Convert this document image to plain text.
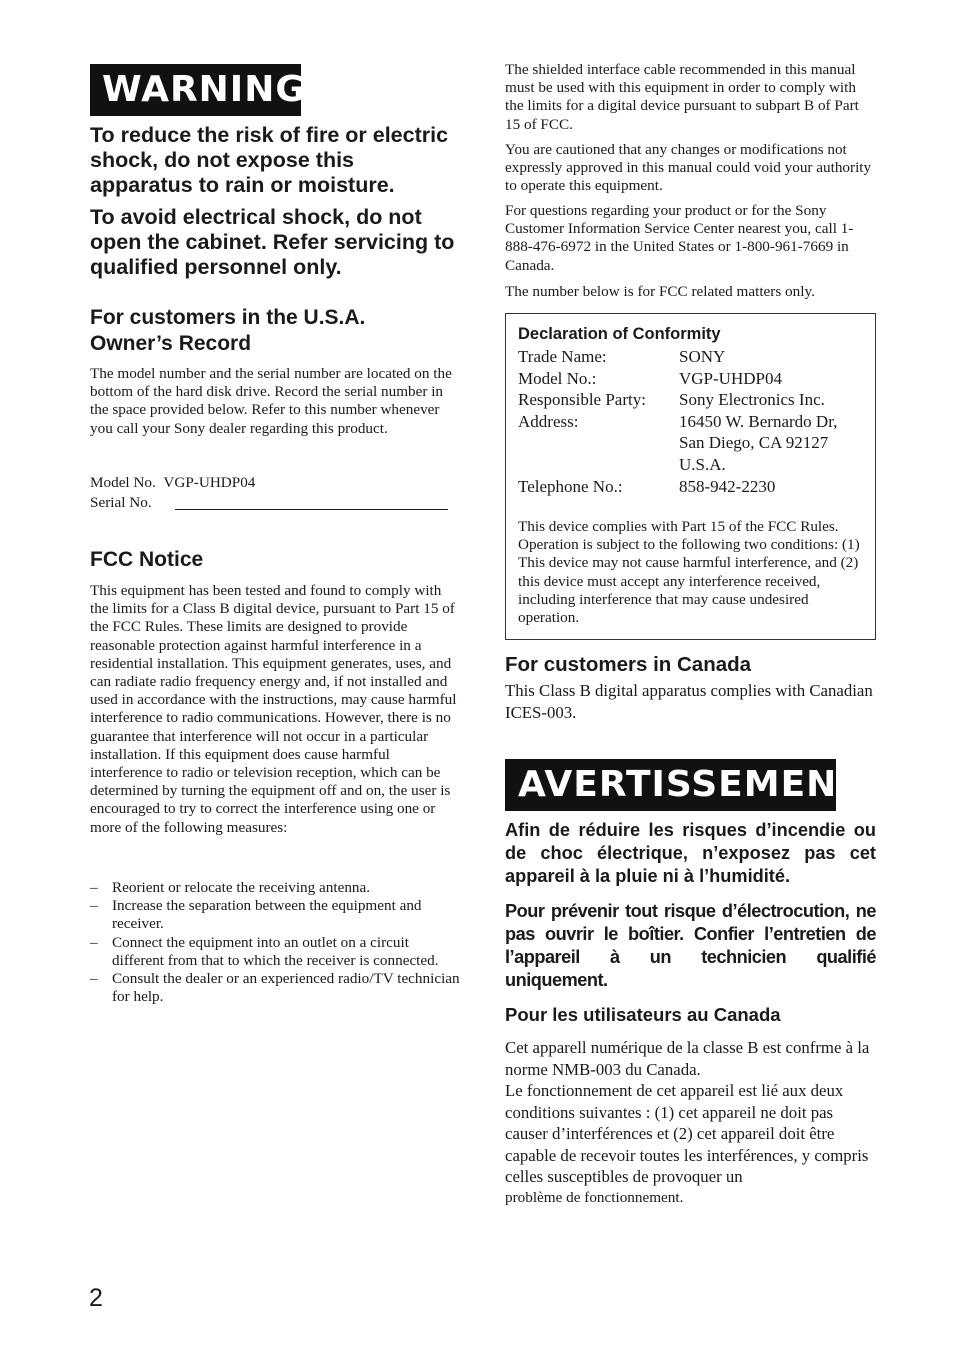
WARNING

To reduce the risk of fire or electric shock, do not expose this apparatus to rain or moisture.

To avoid electrical shock, do not open the cabinet. Refer servicing to qualified personnel only.

For customers in the U.S.A.

Owner’s Record

The model number and the serial number are located on the bottom of the hard disk drive. Record the serial number in the space provided below. Refer to this number whenever you call your Sony dealer regarding this product.

Model No. VGP-UHDP04
Serial No.

FCC Notice

This equipment has been tested and found to comply with the limits for a Class B digital device, pursuant to Part 15 of the FCC Rules. These limits are designed to provide reasonable protection against harmful interference in a residential installation. This equipment generates, uses, and can radiate radio frequency energy and, if not installed and used in accordance with the instructions, may cause harmful interference to radio communications. However, there is no guarantee that interference will not occur in a particular installation. If this equipment does cause harmful interference to radio or television reception, which can be determined by turning the equipment off and on, the user is encouraged to try to correct the interference using one or more of the following measures:

– Reorient or relocate the receiving antenna.
– Increase the separation between the equipment and receiver.
– Connect the equipment into an outlet on a circuit different from that to which the receiver is connected.
– Consult the dealer or an experienced radio/TV technician for help.

The shielded interface cable recommended in this manual must be used with this equipment in order to comply with the limits for a digital device pursuant to subpart B of Part 15 of FCC.

You are cautioned that any changes or modifications not expressly approved in this manual could void your authority to operate this equipment.

For questions regarding your product or for the Sony Customer Information Service Center nearest you, call 1-888-476-6972 in the United States or 1-800-961-7669 in Canada.

The number below is for FCC related matters only.

Declaration of Conformity
Trade Name:	SONY
Model No.:	VGP-UHDP04
Responsible Party:	Sony Electronics Inc.
Address:	16450 W. Bernardo Dr,
	San Diego, CA 92127
	U.S.A.
Telephone No.:	858-942-2230

This device complies with Part 15 of the FCC Rules. Operation is subject to the following two conditions: (1) This device may not cause harmful interference, and (2) this device must accept any interference received, including interference that may cause undesired operation.

For customers in Canada

This Class B digital apparatus complies with Canadian ICES-003.

AVERTISSEMENT

Afin de réduire les risques d’incendie ou de choc électrique, n’exposez pas cet appareil à la pluie ni à l’humidité.

Pour prévenir tout risque d’électrocution, ne pas ouvrir le boîtier. Confier l’entretien de l’appareil à un technicien qualifié uniquement.

Pour les utilisateurs au Canada

Cet apparell numérique de la classe B est confrme à la norme NMB-003 du Canada.

Le fonctionnement de cet appareil est lié aux deux conditions suivantes : (1) cet appareil ne doit pas causer d’interférences et (2) cet appareil doit être capable de recevoir toutes les interférences, y compris celles susceptibles de provoquer un

problème de fonctionnement.

2
